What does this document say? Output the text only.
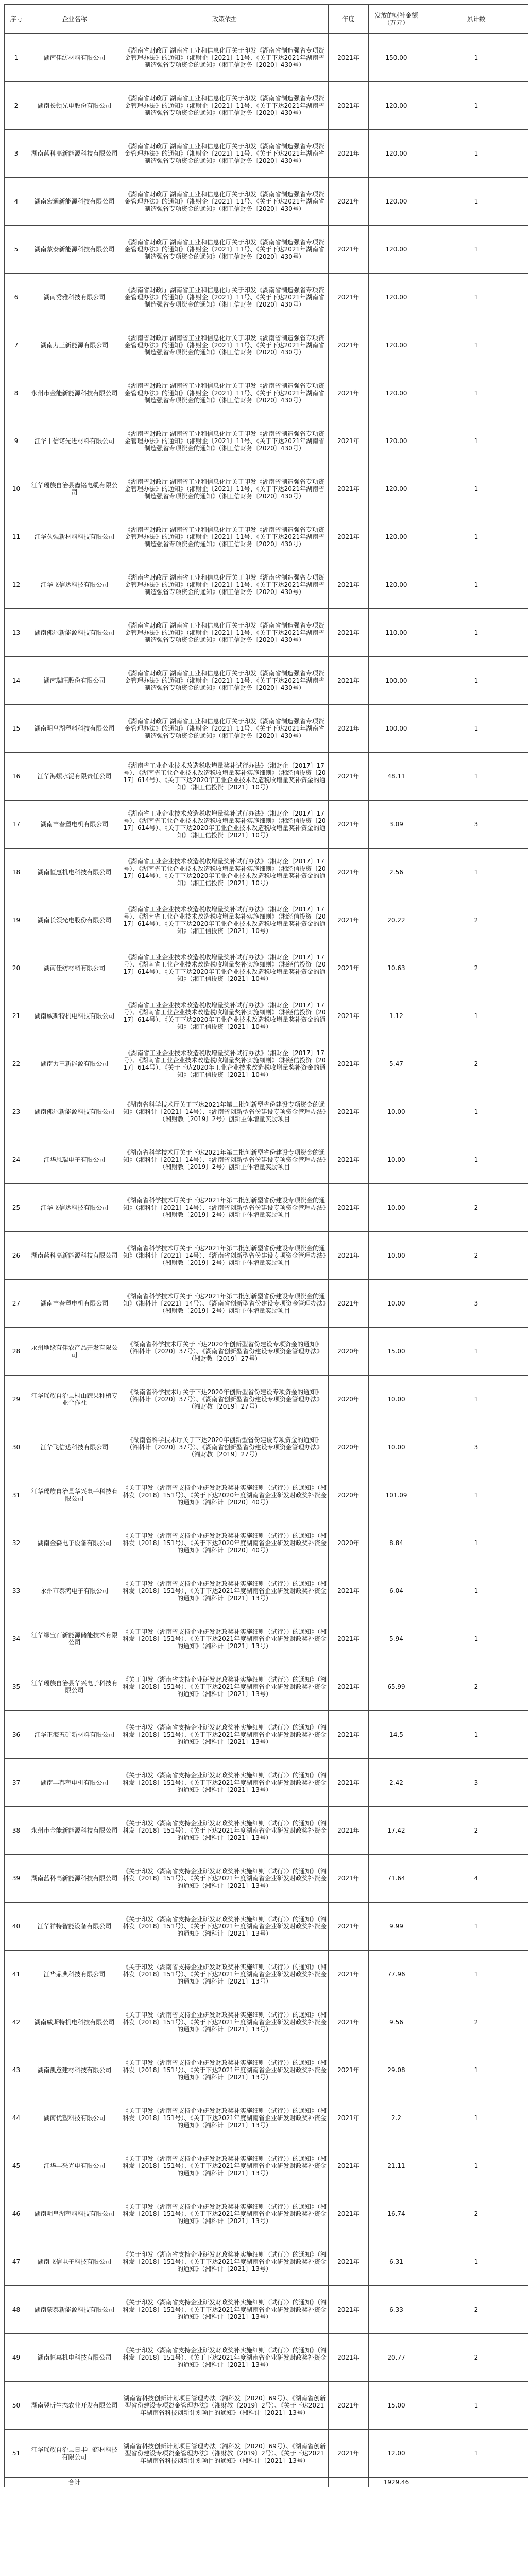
序号	企业名称	政策依据	年度	发放的财补金额（万元）	累计数
1	湖南佳纺材料有限公司	《湖南省财政厅 湖南省工业和信息化厅关于印发《湖南省制造强省专项资金管理办法》的通知》（湘财企〔2021〕11号、《关于下达2021年湖南省制造强省专项资金的通知》（湘工信财务〔2020〕430号）	2021年	150.00	1
2	湖南长领光电股份有限公司	《湖南省财政厅 湖南省工业和信息化厅关于印发《湖南省制造强省专项资金管理办法》的通知》（湘财企〔2021〕11号、《关于下达2021年湖南省制造强省专项资金的通知》（湘工信财务〔2020〕430号）	2021年	120.00	1
3	湖南蓝科高新能源科技有限公司	《湖南省财政厅 湖南省工业和信息化厅关于印发《湖南省制造强省专项资金管理办法》的通知》（湘财企〔2021〕11号、《关于下达2021年湖南省制造强省专项资金的通知》（湘工信财务〔2020〕430号）	2021年	120.00	1
4	湖南宏通新能源科技有限公司	《湖南省财政厅 湖南省工业和信息化厅关于印发《湖南省制造强省专项资金管理办法》的通知》（湘财企〔2021〕11号、《关于下达2021年湖南省制造强省专项资金的通知》（湘工信财务〔2020〕430号）	2021年	120.00	1
5	湖南蒙泰新能源科技有限公司	《湖南省财政厅 湖南省工业和信息化厅关于印发《湖南省制造强省专项资金管理办法》的通知》（湘财企〔2021〕11号、《关于下达2021年湖南省制造强省专项资金的通知》（湘工信财务〔2020〕430号）	2021年	120.00	1
6	湖南秀雅科技有限公司	《湖南省财政厅 湖南省工业和信息化厅关于印发《湖南省制造强省专项资金管理办法》的通知》（湘财企〔2021〕11号、《关于下达2021年湖南省制造强省专项资金的通知》（湘工信财务〔2020〕430号）	2021年	120.00	1
7	湖南力王新能源有限公司	《湖南省财政厅 湖南省工业和信息化厅关于印发《湖南省制造强省专项资金管理办法》的通知》（湘财企〔2021〕11号、《关于下达2021年湖南省制造强省专项资金的通知》（湘工信财务〔2020〕430号）	2021年	120.00	1
8	永州市金能新能源科技有限公司	《湖南省财政厅 湖南省工业和信息化厅关于印发《湖南省制造强省专项资金管理办法》的通知》（湘财企〔2021〕11号、《关于下达2021年湖南省制造强省专项资金的通知》（湘工信财务〔2020〕430号）	2021年	120.00	1
9	江华丰信诺先进材料有限公司	《湖南省财政厅 湖南省工业和信息化厅关于印发《湖南省制造强省专项资金管理办法》的通知》（湘财企〔2021〕11号、《关于下达2021年湖南省制造强省专项资金的通知》（湘工信财务〔2020〕430号）	2021年	120.00	1
10	江华瑶族自治县鑫铭电缆有限公司	《湖南省财政厅 湖南省工业和信息化厅关于印发《湖南省制造强省专项资金管理办法》的通知》（湘财企〔2021〕11号、《关于下达2021年湖南省制造强省专项资金的通知》（湘工信财务〔2020〕430号）	2021年	120.00	1
11	江华久强新材料科技有限公司	《湖南省财政厅 湖南省工业和信息化厅关于印发《湖南省制造强省专项资金管理办法》的通知》（湘财企〔2021〕11号、《关于下达2021年湖南省制造强省专项资金的通知》（湘工信财务〔2020〕430号）	2021年	120.00	1
12	江华飞信达科技有限公司	《湖南省财政厅 湖南省工业和信息化厅关于印发《湖南省制造强省专项资金管理办法》的通知》（湘财企〔2021〕11号、《关于下达2021年湖南省制造强省专项资金的通知》（湘工信财务〔2020〕430号）	2021年	120.00	1
13	湖南佛尔新能源科技有限公司	《湖南省财政厅 湖南省工业和信息化厅关于印发《湖南省制造强省专项资金管理办法》的通知》（湘财企〔2021〕11号、《关于下达2021年湖南省制造强省专项资金的通知》（湘工信财务〔2020〕430号）	2021年	110.00	1
14	湖南瑞旺股份有限公司	《湖南省财政厅 湖南省工业和信息化厅关于印发《湖南省制造强省专项资金管理办法》的通知》（湘财企〔2021〕11号、《关于下达2021年湖南省制造强省专项资金的通知》（湘工信财务〔2020〕430号）	2021年	100.00	1
15	湖南明皇湖塑料科技有限公司	《湖南省财政厅 湖南省工业和信息化厅关于印发《湖南省制造强省专项资金管理办法》的通知》（湘财企〔2021〕11号、《关于下达2021年湖南省制造强省专项资金的通知》（湘工信财务〔2020〕430号）	2021年	100.00	1
16	江华海螺水泥有限责任公司	《湖南省工业企业技术改造税收增量奖补试行办法》（湘财企〔2017〕17号）、《湖南省工业企业技术改造税收增量奖补实施细则》（湘经信投资〔2017〕614号）、《关于下达2020年工业企业技术改造税收增量奖补资金的通知》（湘工信投资〔2021〕10号）	2021年	48.11	1
17	湖南丰春塑电机有限公司	《湖南省工业企业技术改造税收增量奖补试行办法》（湘财企〔2017〕17号）、《湖南省工业企业技术改造税收增量奖补实施细则》（湘经信投资〔2017〕614号）、《关于下达2020年工业企业技术改造税收增量奖补资金的通知》（湘工信投资〔2021〕10号）	2021年	3.09	3
18	湖南恒惠机电科技有限公司	《湖南省工业企业技术改造税收增量奖补试行办法》（湘财企〔2017〕17号）、《湖南省工业企业技术改造税收增量奖补实施细则》（湘经信投资〔2017〕614号）、《关于下达2020年工业企业技术改造税收增量奖补资金的通知》（湘工信投资〔2021〕10号）	2021年	2.56	1
19	湖南长领光电股份有限公司	《湖南省工业企业技术改造税收增量奖补试行办法》（湘财企〔2017〕17号）、《湖南省工业企业技术改造税收增量奖补实施细则》（湘经信投资〔2017〕614号）、《关于下达2020年工业企业技术改造税收增量奖补资金的通知》（湘工信投资〔2021〕10号）	2021年	20.22	2
20	湖南佳纺材料有限公司	《湖南省工业企业技术改造税收增量奖补试行办法》（湘财企〔2017〕17号）、《湖南省工业企业技术改造税收增量奖补实施细则》（湘经信投资〔2017〕614号）、《关于下达2020年工业企业技术改造税收增量奖补资金的通知》（湘工信投资〔2021〕10号）	2021年	10.63	2
21	湖南威斯特机电科技有限公司	《湖南省工业企业技术改造税收增量奖补试行办法》（湘财企〔2017〕17号）、《湖南省工业企业技术改造税收增量奖补实施细则》（湘经信投资〔2017〕614号）、《关于下达2020年工业企业技术改造税收增量奖补资金的通知》（湘工信投资〔2021〕10号）	2021年	1.12	1
22	湖南力王新能源有限公司	《湖南省工业企业技术改造税收增量奖补试行办法》（湘财企〔2017〕17号）、《湖南省工业企业技术改造税收增量奖补实施细则》（湘经信投资〔2017〕614号）、《关于下达2020年工业企业技术改造税收增量奖补资金的通知》（湘工信投资〔2021〕10号）	2021年	5.47	2
23	湖南佛尔新能源科技有限公司	《湖南省科学技术厅关于下达2021年第二批创新型省份建设专项资金的通知》（湘科计〔2021〕14号）、《湖南省创新型省份建设专项资金管理办法》（湘财教〔2019〕2号）创新主体增量奖励项目	2021年	10.00	1
24	江华恩瑞电子有限公司	《湖南省科学技术厅关于下达2021年第二批创新型省份建设专项资金的通知》（湘科计〔2021〕14号）、《湖南省创新型省份建设专项资金管理办法》（湘财教〔2019〕2号）创新主体增量奖励项目	2021年	10.00	1
25	江华飞信达科技有限公司	《湖南省科学技术厅关于下达2021年第二批创新型省份建设专项资金的通知》（湘科计〔2021〕14号）、《湖南省创新型省份建设专项资金管理办法》（湘财教〔2019〕2号）创新主体增量奖励项目	2021年	10.00	2
26	湖南蓝科高新能源科技有限公司	《湖南省科学技术厅关于下达2021年第二批创新型省份建设专项资金的通知》（湘科计〔2021〕14号）、《湖南省创新型省份建设专项资金管理办法》（湘财教〔2019〕2号）创新主体增量奖励项目	2021年	10.00	2
27	湖南丰春塑电机有限公司	《湖南省科学技术厅关于下达2021年第二批创新型省份建设专项资金的通知》（湘科计〔2021〕14号）、《湖南省创新型省份建设专项资金管理办法》（湘财教〔2019〕2号）创新主体增量奖励项目	2021年	10.00	3
28	永州地缘有伴农产品开发有限公司	《湖南省科学技术厅关于下达2020年创新型省份建设专项资金的通知》（湘科计〔2020〕37号）、《湖南省创新型省份建设专项资金管理办法》（湘财教〔2019〕27号）	2020年	15.00	1
29	江华瑶族自治县桐山蔬果种植专业合作社	《湖南省科学技术厅关于下达2020年创新型省份建设专项资金的通知》（湘科计〔2020〕37号）、《湖南省创新型省份建设专项资金管理办法》（湘财教〔2019〕27号）	2020年	10.00	1
30	江华飞信达科技有限公司	《湖南省科学技术厅关于下达2020年创新型省份建设专项资金的通知》（湘科计〔2020〕37号）、《湖南省创新型省份建设专项资金管理办法》（湘财教〔2019〕27号）	2020年	10.00	3
31	江华瑶族自治县华兴电子科技有限公司	《关于印发〈湖南省支持企业研发财政奖补实施细则（试行）〉的通知》（湘科发〔2018〕151号）、《关于下达2020年度湖南省企业研发财政奖补资金的通知》（湘科计〔2020〕40号）	2020年	101.09	1
32	湖南金森电子设备有限公司	《关于印发〈湖南省支持企业研发财政奖补实施细则（试行）〉的通知》（湘科发〔2018〕151号）、《关于下达2020年度湖南省企业研发财政奖补资金的通知》（湘科计〔2020〕40号）	2020年	8.84	1
33	永州市泰鸿电子有限公司	《关于印发〈湖南省支持企业研发财政奖补实施细则（试行）〉的通知》（湘科发〔2018〕151号）、《关于下达2021年度湖南省企业研发财政奖补资金的通知》（湘科计〔2021〕13号）	2021年	6.04	1
34	江华绿宝石新能源储能技术有限公司	《关于印发〈湖南省支持企业研发财政奖补实施细则（试行）〉的通知》（湘科发〔2018〕151号）、《关于下达2021年度湖南省企业研发财政奖补资金的通知》（湘科计〔2021〕13号）	2021年	5.94	1
35	江华瑶族自治县华兴电子科技有限公司	《关于印发〈湖南省支持企业研发财政奖补实施细则（试行）〉的通知》（湘科发〔2018〕151号）、《关于下达2021年度湖南省企业研发财政奖补资金的通知》（湘科计〔2021〕13号）	2021年	65.99	2
36	江华正海五矿新材料有限公司	《关于印发〈湖南省支持企业研发财政奖补实施细则（试行）〉的通知》（湘科发〔2018〕151号）、《关于下达2021年度湖南省企业研发财政奖补资金的通知》（湘科计〔2021〕13号）	2021年	14.5	1
37	湖南丰春塑电机有限公司	《关于印发〈湖南省支持企业研发财政奖补实施细则（试行）〉的通知》（湘科发〔2018〕151号）、《关于下达2021年度湖南省企业研发财政奖补资金的通知》（湘科计〔2021〕13号）	2021年	2.42	3
38	永州市金能新能源科技有限公司	《关于印发〈湖南省支持企业研发财政奖补实施细则（试行）〉的通知》（湘科发〔2018〕151号）、《关于下达2021年度湖南省企业研发财政奖补资金的通知》（湘科计〔2021〕13号）	2021年	17.42	2
39	湖南蓝科高新能源科技有限公司	《关于印发〈湖南省支持企业研发财政奖补实施细则（试行）〉的通知》（湘科发〔2018〕151号）、《关于下达2021年度湖南省企业研发财政奖补资金的通知》（湘科计〔2021〕13号）	2021年	71.64	4
40	江华祥特智能设备有限公司	《关于印发〈湖南省支持企业研发财政奖补实施细则（试行）〉的通知》（湘科发〔2018〕151号）、《关于下达2021年度湖南省企业研发财政奖补资金的通知》（湘科计〔2021〕13号）	2021年	9.99	1
41	江华鼎典科技有限公司	《关于印发〈湖南省支持企业研发财政奖补实施细则（试行）〉的通知》（湘科发〔2018〕151号）、《关于下达2021年度湖南省企业研发财政奖补资金的通知》（湘科计〔2021〕13号）	2021年	77.96	1
42	湖南威斯特机电科技有限公司	《关于印发〈湖南省支持企业研发财政奖补实施细则（试行）〉的通知》（湘科发〔2018〕151号）、《关于下达2021年度湖南省企业研发财政奖补资金的通知》（湘科计〔2021〕13号）	2021年	9.56	2
43	湖南凯意建材科技有限公司	《关于印发〈湖南省支持企业研发财政奖补实施细则（试行）〉的通知》（湘科发〔2018〕151号）、《关于下达2021年度湖南省企业研发财政奖补资金的通知》（湘科计〔2021〕13号）	2021年	29.08	1
44	湖南优塑科技有限公司	《关于印发〈湖南省支持企业研发财政奖补实施细则（试行）〉的通知》（湘科发〔2018〕151号）、《关于下达2021年度湖南省企业研发财政奖补资金的通知》（湘科计〔2021〕13号）	2021年	2.2	1
45	江华丰采光电有限公司	《关于印发〈湖南省支持企业研发财政奖补实施细则（试行）〉的通知》（湘科发〔2018〕151号）、《关于下达2021年度湖南省企业研发财政奖补资金的通知》（湘科计〔2021〕13号）	2021年	21.11	1
46	湖南明皇湖塑料科技有限公司	《关于印发〈湖南省支持企业研发财政奖补实施细则（试行）〉的通知》（湘科发〔2018〕151号）、《关于下达2021年度湖南省企业研发财政奖补资金的通知》（湘科计〔2021〕13号）	2021年	16.74	2
47	湖南飞信电子科技有限公司	《关于印发〈湖南省支持企业研发财政奖补实施细则（试行）〉的通知》（湘科发〔2018〕151号）、《关于下达2021年度湖南省企业研发财政奖补资金的通知》（湘科计〔2021〕13号）	2021年	6.31	1
48	湖南蒙泰新能源科技有限公司	《关于印发〈湖南省支持企业研发财政奖补实施细则（试行）〉的通知》（湘科发〔2018〕151号）、《关于下达2021年度湖南省企业研发财政奖补资金的通知》（湘科计〔2021〕13号）	2021年	6.33	2
49	湖南恒惠机电科技有限公司	《关于印发〈湖南省支持企业研发财政奖补实施细则（试行）〉的通知》（湘科发〔2018〕151号）、《关于下达2021年度湖南省企业研发财政奖补资金的通知》（湘科计〔2021〕13号）	2021年	20.77	2
50	湖南翌昕生态农业开发有限公司	湖南省科技创新计划项目管理办法（湘科发〔2020〕69号）、《湖南省创新型省份建设专项资金管理办法》（湘财教〔2019〕2号）、《关于下达2021年湖南省科技创新计划项目的通知》（湘科计〔2021〕13号）	2021年	15.00	1
51	江华瑶族自治县日丰中药材科技有限公司	湖南省科技创新计划项目管理办法（湘科发〔2020〕69号）、《湖南省创新型省份建设专项资金管理办法》（湘财教〔2019〕2号）、《关于下达2021年湖南省科技创新计划项目的通知》（湘科计〔2021〕13号）	2021年	12.00	1
	合计			1929.46	
